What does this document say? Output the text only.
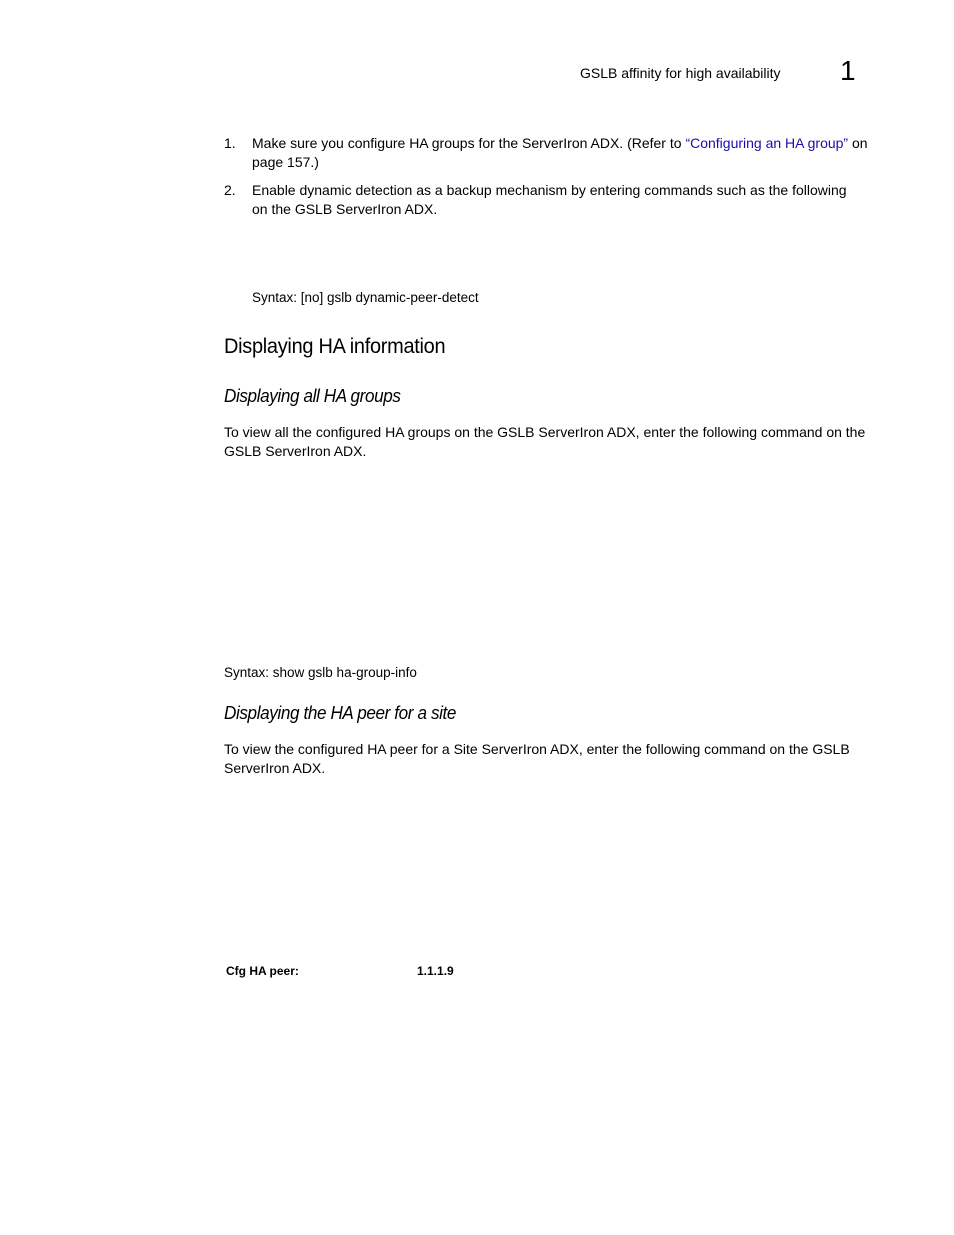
GSLB affinity for high availability 1
1. Make sure you configure HA groups for the ServerIron ADX. (Refer to “Configuring an HA group” on page 157.)
2. Enable dynamic detection as a backup mechanism by entering commands such as the following on the GSLB ServerIron ADX.
Syntax: [no] gslb dynamic-peer-detect
Displaying HA information
Displaying all HA groups
To view all the configured HA groups on the GSLB ServerIron ADX, enter the following command on the GSLB ServerIron ADX.
Syntax: show gslb ha-group-info
Displaying the HA peer for a site
To view the configured HA peer for a Site ServerIron ADX, enter the following command on the GSLB ServerIron ADX.
Cfg HA peer:	1.1.1.9
